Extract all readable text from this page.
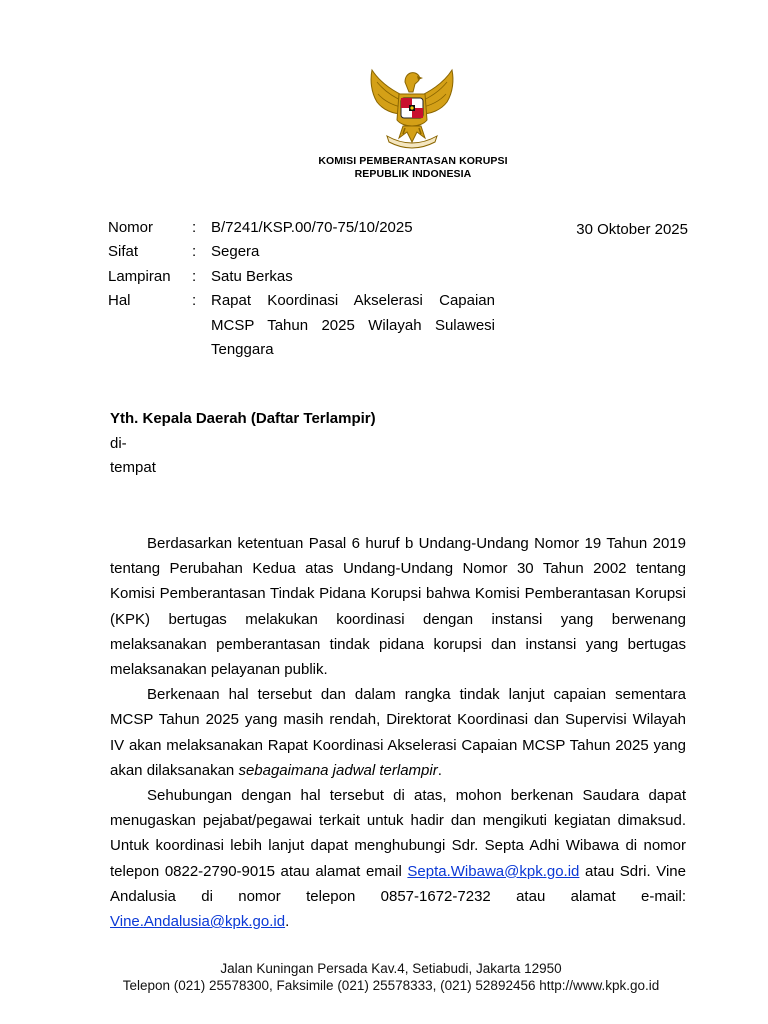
KOMISI PEMBERANTASAN KORUPSI
REPUBLIK INDONESIA
Nomor	: B/7241/KSP.00/70-75/10/2025
Sifat	: Segera
Lampiran : Satu Berkas
Hal	: Rapat Koordinasi Akselerasi Capaian MCSP Tahun 2025 Wilayah Sulawesi Tenggara
30 Oktober 2025
Yth. Kepala Daerah (Daftar Terlampir)
di-
tempat

Berdasarkan ketentuan Pasal 6 huruf b Undang-Undang Nomor 19 Tahun 2019 tentang Perubahan Kedua atas Undang-Undang Nomor 30 Tahun 2002 tentang Komisi Pemberantasan Tindak Pidana Korupsi bahwa Komisi Pemberantasan Korupsi (KPK) bertugas melakukan koordinasi dengan instansi yang berwenang melaksanakan pemberantasan tindak pidana korupsi dan instansi yang bertugas melaksanakan pelayanan publik.

Berkenaan hal tersebut dan dalam rangka tindak lanjut capaian sementara MCSP Tahun 2025 yang masih rendah, Direktorat Koordinasi dan Supervisi Wilayah IV akan melaksanakan Rapat Koordinasi Akselerasi Capaian MCSP Tahun 2025 yang akan dilaksanakan sebagaimana jadwal terlampir.

Sehubungan dengan hal tersebut di atas, mohon berkenan Saudara dapat menugaskan pejabat/pegawai terkait untuk hadir dan mengikuti kegiatan dimaksud. Untuk koordinasi lebih lanjut dapat menghubungi Sdr. Septa Adhi Wibawa di nomor telepon 0822-2790-9015 atau alamat email Septa.Wibawa@kpk.go.id atau Sdri. Vine Andalusia di nomor telepon 0857-1672-7232 atau alamat e-mail: Vine.Andalusia@kpk.go.id.

Jalan Kuningan Persada Kav.4, Setiabudi, Jakarta 12950
Telepon (021) 25578300, Faksimile (021) 25578333, (021) 52892456 http://www.kpk.go.id
